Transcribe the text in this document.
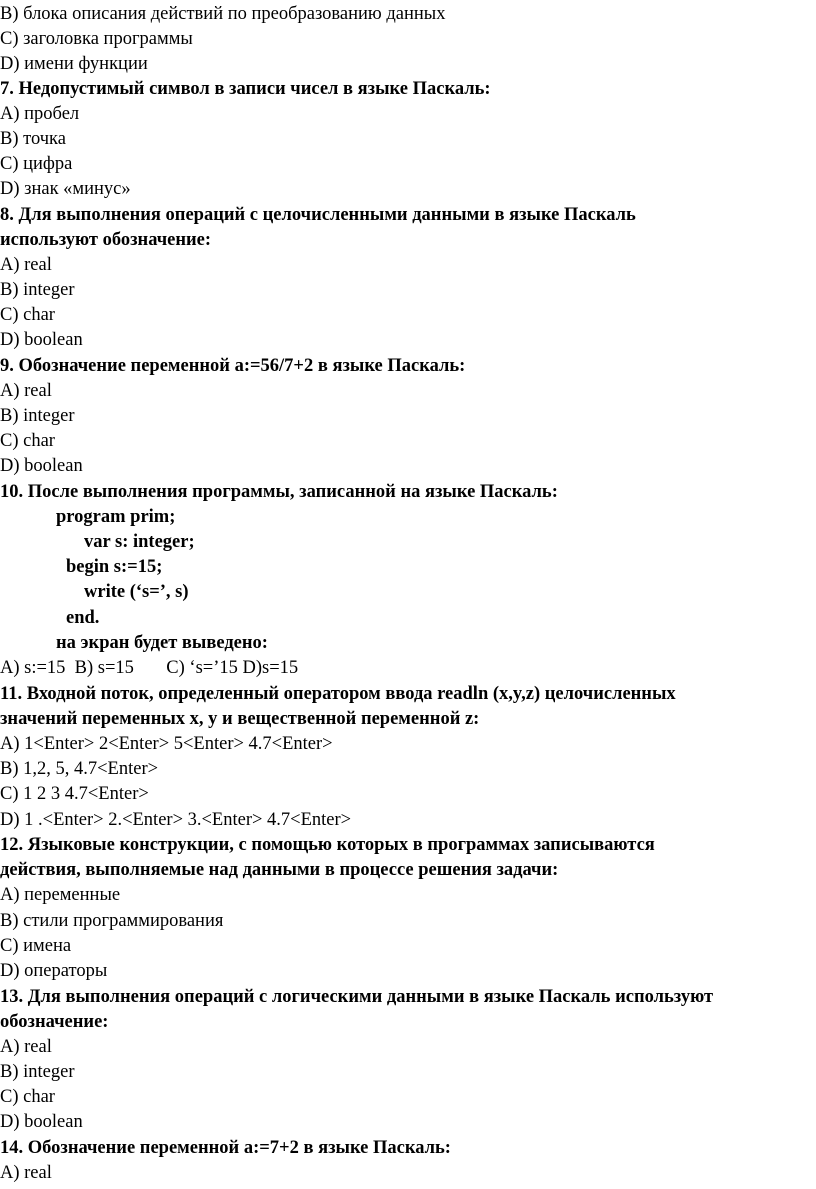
B) блока описания действий по преобразованию данных
C) заголовка программы
D) имени функции
7. Недопустимый символ в записи чисел в языке Паскаль:
A) пробел
B) точка
C) цифра
D) знак «минус»
8. Для выполнения операций с целочисленными данными в языке Паскаль
используют обозначение:
A) real
B) integer
C) char
D) boolean
9. Обозначение переменной a:=56/7+2 в языке Паскаль:
A) real
B) integer
C) char
D) boolean
10. После выполнения программы, записанной на языке Паскаль:
program prim;
var s: integer;
begin s:=15;
write (‘s=’, s)
end.
на экран будет выведено:
A) s:=15  B) s=15       C) ‘s=’15 D)s=15
11. Входной поток, определенный оператором ввода readln (x,y,z) целочисленных
значений переменных x, y и вещественной переменной z:
A) 1<Enter> 2<Enter> 5<Enter> 4.7<Enter>
B) 1,2, 5, 4.7<Enter>
C) 1 2 3 4.7<Enter>
D) 1 .<Enter> 2.<Enter> 3.<Enter> 4.7<Enter>
12. Языковые конструкции, с помощью которых в программах записываются
действия, выполняемые над данными в процессе решения задачи:
A) переменные
B) стили программирования
C) имена
D) операторы
13. Для выполнения операций с логическими данными в языке Паскаль используют
обозначение:
A) real
B) integer
C) char
D) boolean
14. Обозначение переменной a:=7+2 в языке Паскаль:
A) real
